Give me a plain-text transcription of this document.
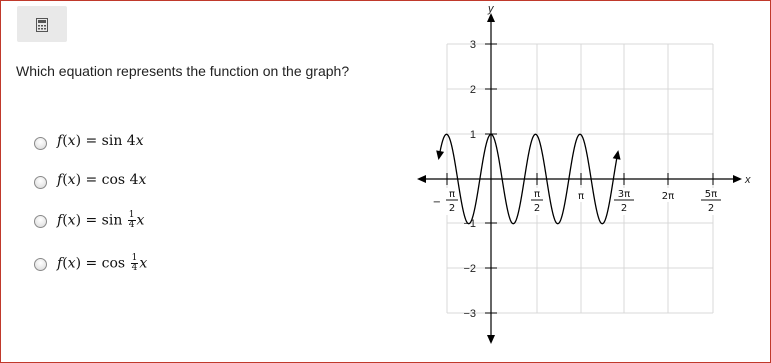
Which equation represents the function on the graph?
f(x) = sin 4x
f(x) = cos 4x
$f(x) = \sin \frac{1}{4}$ x
$f(x) = \cos \frac{1}{4}$ x
x
y
3
2
1
−1
−2
−3
−
π
2
π
2
π	3π
2
2π	5π
2
